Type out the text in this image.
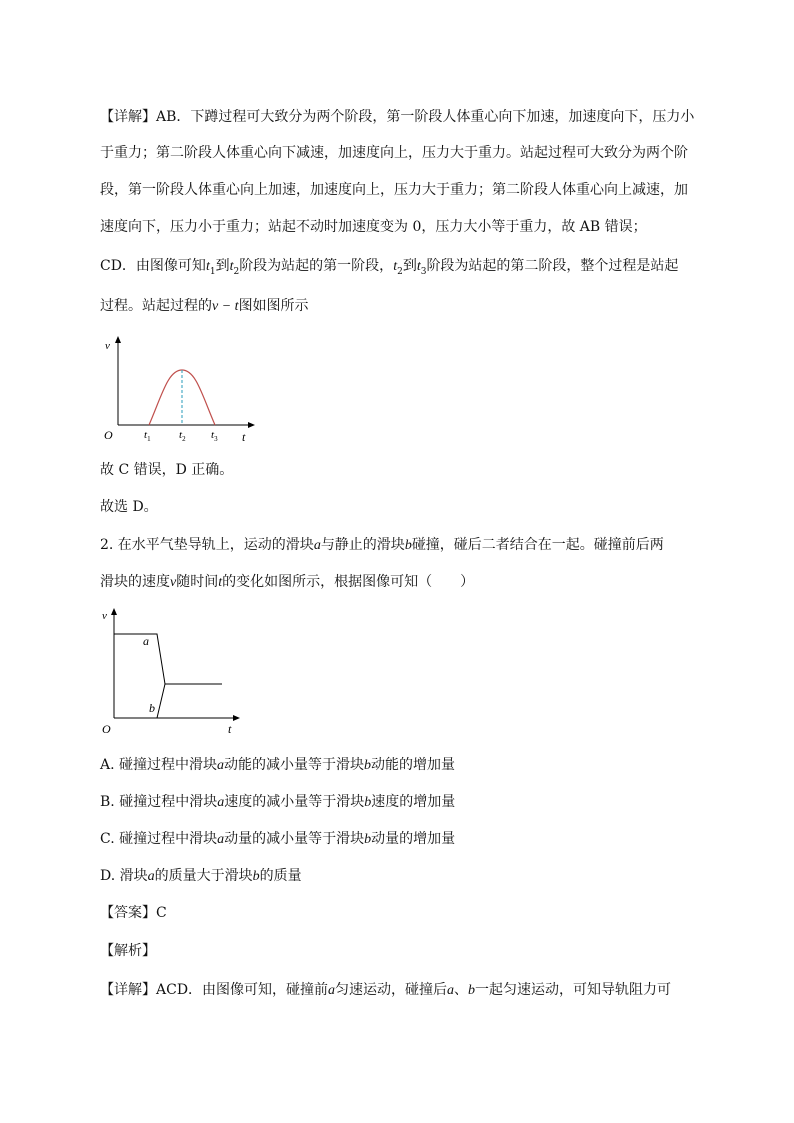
【详解】AB．下蹲过程可大致分为两个阶段，第一阶段人体重心向下加速，加速度向下，压力小
于重力；第二阶段人体重心向下减速，加速度向上，压力大于重力。站起过程可大致分为两个阶
段，第一阶段人体重心向上加速，加速度向上，压力大于重力；第二阶段人体重心向上减速，加
速度向下，压力小于重力；站起不动时加速度变为 0，压力大小等于重力，故 AB 错误；
CD．由图像可知$t_1$到$t_2$阶段为站起的第一阶段，$t_2$到$t_3$阶段为站起的第二阶段，整个过程是站起
过程。站起过程的v − t图如图所示
v
O	t
$t_1$	$t_2$ $t_3$
故 C 错误，D 正确。
故选 D。
2. 在水平气垫导轨上，运动的滑块a与静止的滑块b碰撞，碰后二者结合在一起。碰撞前后两
滑块的速度v随时间t的变化如图所示，根据图像可知（　　）
v
O	t
a
b
A. 碰撞过程中滑块a动能的减小量等于滑块b动能的增加量
B. 碰撞过程中滑块a速度的减小量等于滑块b速度的增加量
C. 碰撞过程中滑块a动量的减小量等于滑块b动量的增加量
D. 滑块a的质量大于滑块b的质量
【答案】C
【解析】
【详解】ACD．由图像可知，碰撞前a匀速运动，碰撞后a、b一起匀速运动，可知导轨阻力可
